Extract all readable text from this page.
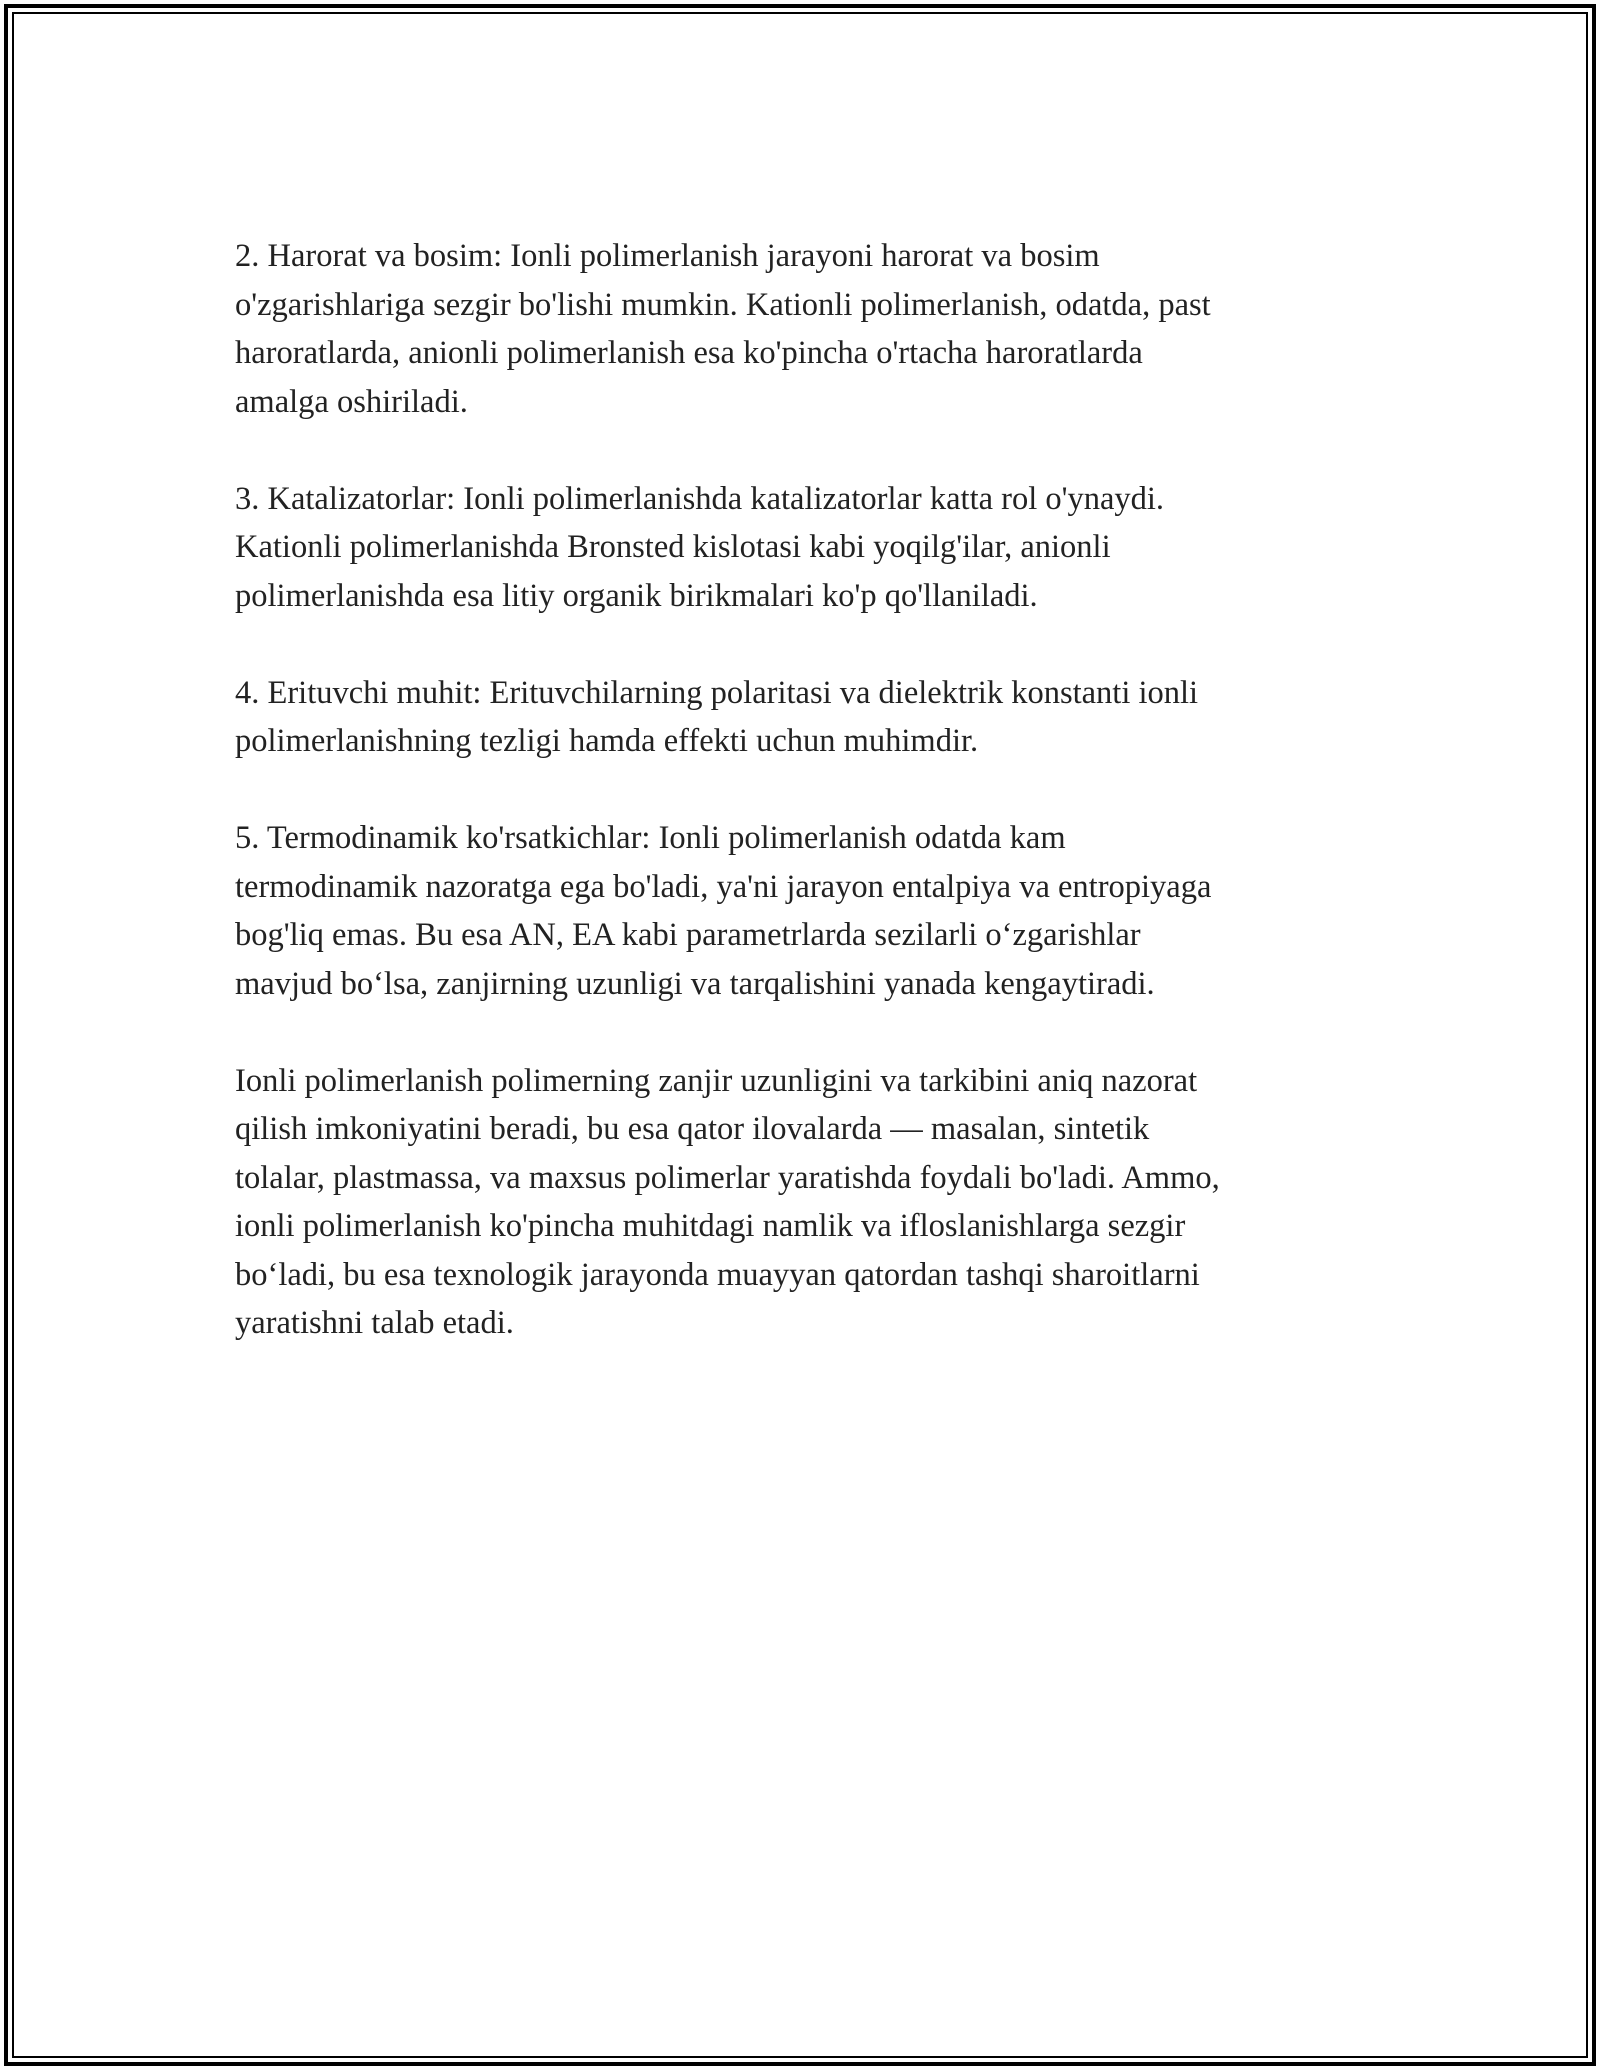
2. Harorat va bosim: Ionli polimerlanish jarayoni harorat va bosim
o'zgarishlariga sezgir bo'lishi mumkin. Kationli polimerlanish, odatda, past
haroratlarda, anionli polimerlanish esa ko'pincha o'rtacha haroratlarda
amalga oshiriladi.

3. Katalizatorlar: Ionli polimerlanishda katalizatorlar katta rol o'ynaydi.
Kationli polimerlanishda Bronsted kislotasi kabi yoqilg'ilar, anionli
polimerlanishda esa litiy organik birikmalari ko'p qo'llaniladi.

4. Erituvchi muhit: Erituvchilarning polaritasi va dielektrik konstanti ionli
polimerlanishning tezligi hamda effekti uchun muhimdir.

5. Termodinamik ko'rsatkichlar: Ionli polimerlanish odatda kam
termodinamik nazoratga ega bo'ladi, ya'ni jarayon entalpiya va entropiyaga
bog'liq emas. Bu esa AN, EA kabi parametrlarda sezilarli o‘zgarishlar
mavjud bo‘lsa, zanjirning uzunligi va tarqalishini yanada kengaytiradi.

Ionli polimerlanish polimerning zanjir uzunligini va tarkibini aniq nazorat
qilish imkoniyatini beradi, bu esa qator ilovalarda — masalan, sintetik
tolalar, plastmassa, va maxsus polimerlar yaratishda foydali bo'ladi. Ammo,
ionli polimerlanish ko'pincha muhitdagi namlik va ifloslanishlarga sezgir
bo‘ladi, bu esa texnologik jarayonda muayyan qatordan tashqi sharoitlarni
yaratishni talab etadi.
